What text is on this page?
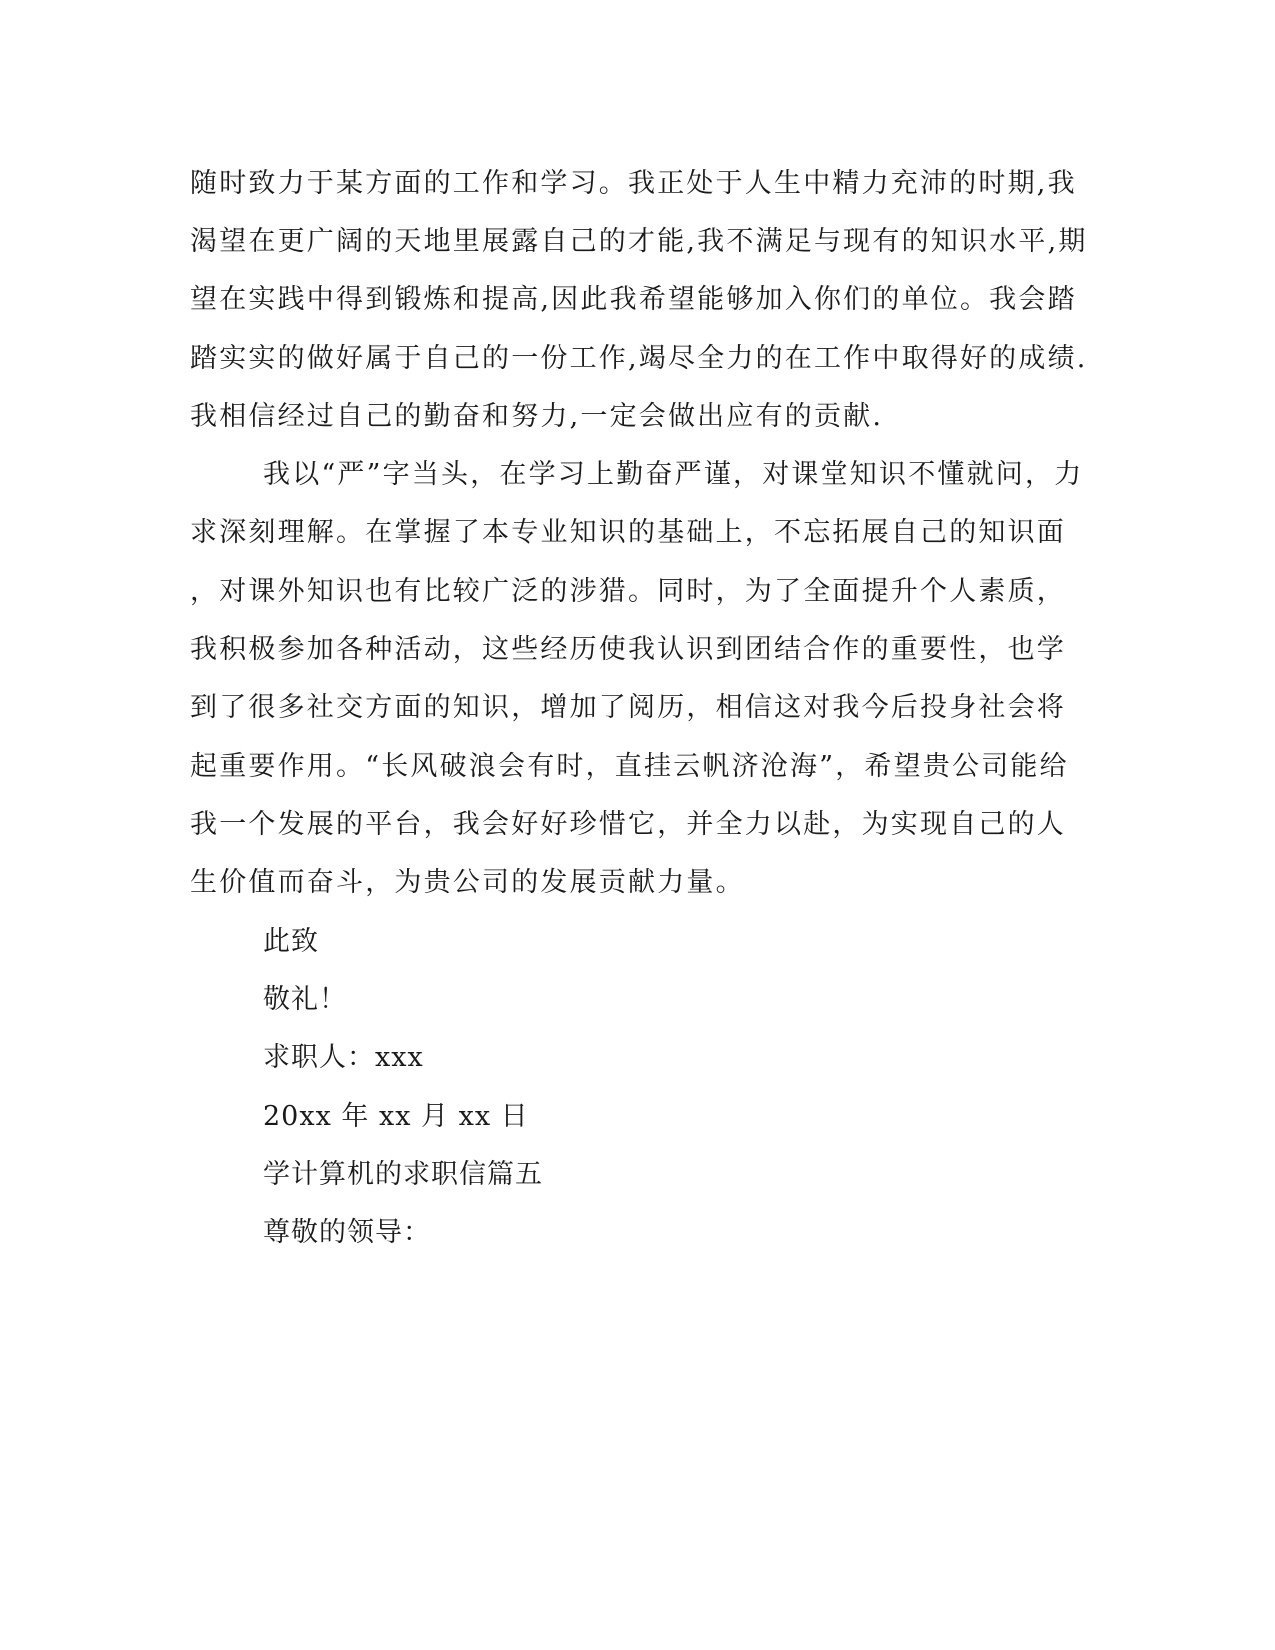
随时致力于某方面的工作和学习。我正处于人生中精力充沛的时期,我
渴望在更广阔的天地里展露自己的才能,我不满足与现有的知识水平,期
望在实践中得到锻炼和提高,因此我希望能够加入你们的单位。我会踏
踏实实的做好属于自己的一份工作,竭尽全力的在工作中取得好的成绩.
我相信经过自己的勤奋和努力,一定会做出应有的贡献.
我以“严”字当头，在学习上勤奋严谨，对课堂知识不懂就问，力
求深刻理解。在掌握了本专业知识的基础上，不忘拓展自己的知识面
，对课外知识也有比较广泛的涉猎。同时，为了全面提升个人素质，
我积极参加各种活动，这些经历使我认识到团结合作的重要性，也学
到了很多社交方面的知识，增加了阅历，相信这对我今后投身社会将
起重要作用。“长风破浪会有时，直挂云帆济沧海”，希望贵公司能给
我一个发展的平台，我会好好珍惜它，并全力以赴，为实现自己的人
生价值而奋斗，为贵公司的发展贡献力量。
此致
敬礼！
求职人：xxx
20xx 年 xx 月 xx 日
学计算机的求职信篇五
尊敬的领导：
